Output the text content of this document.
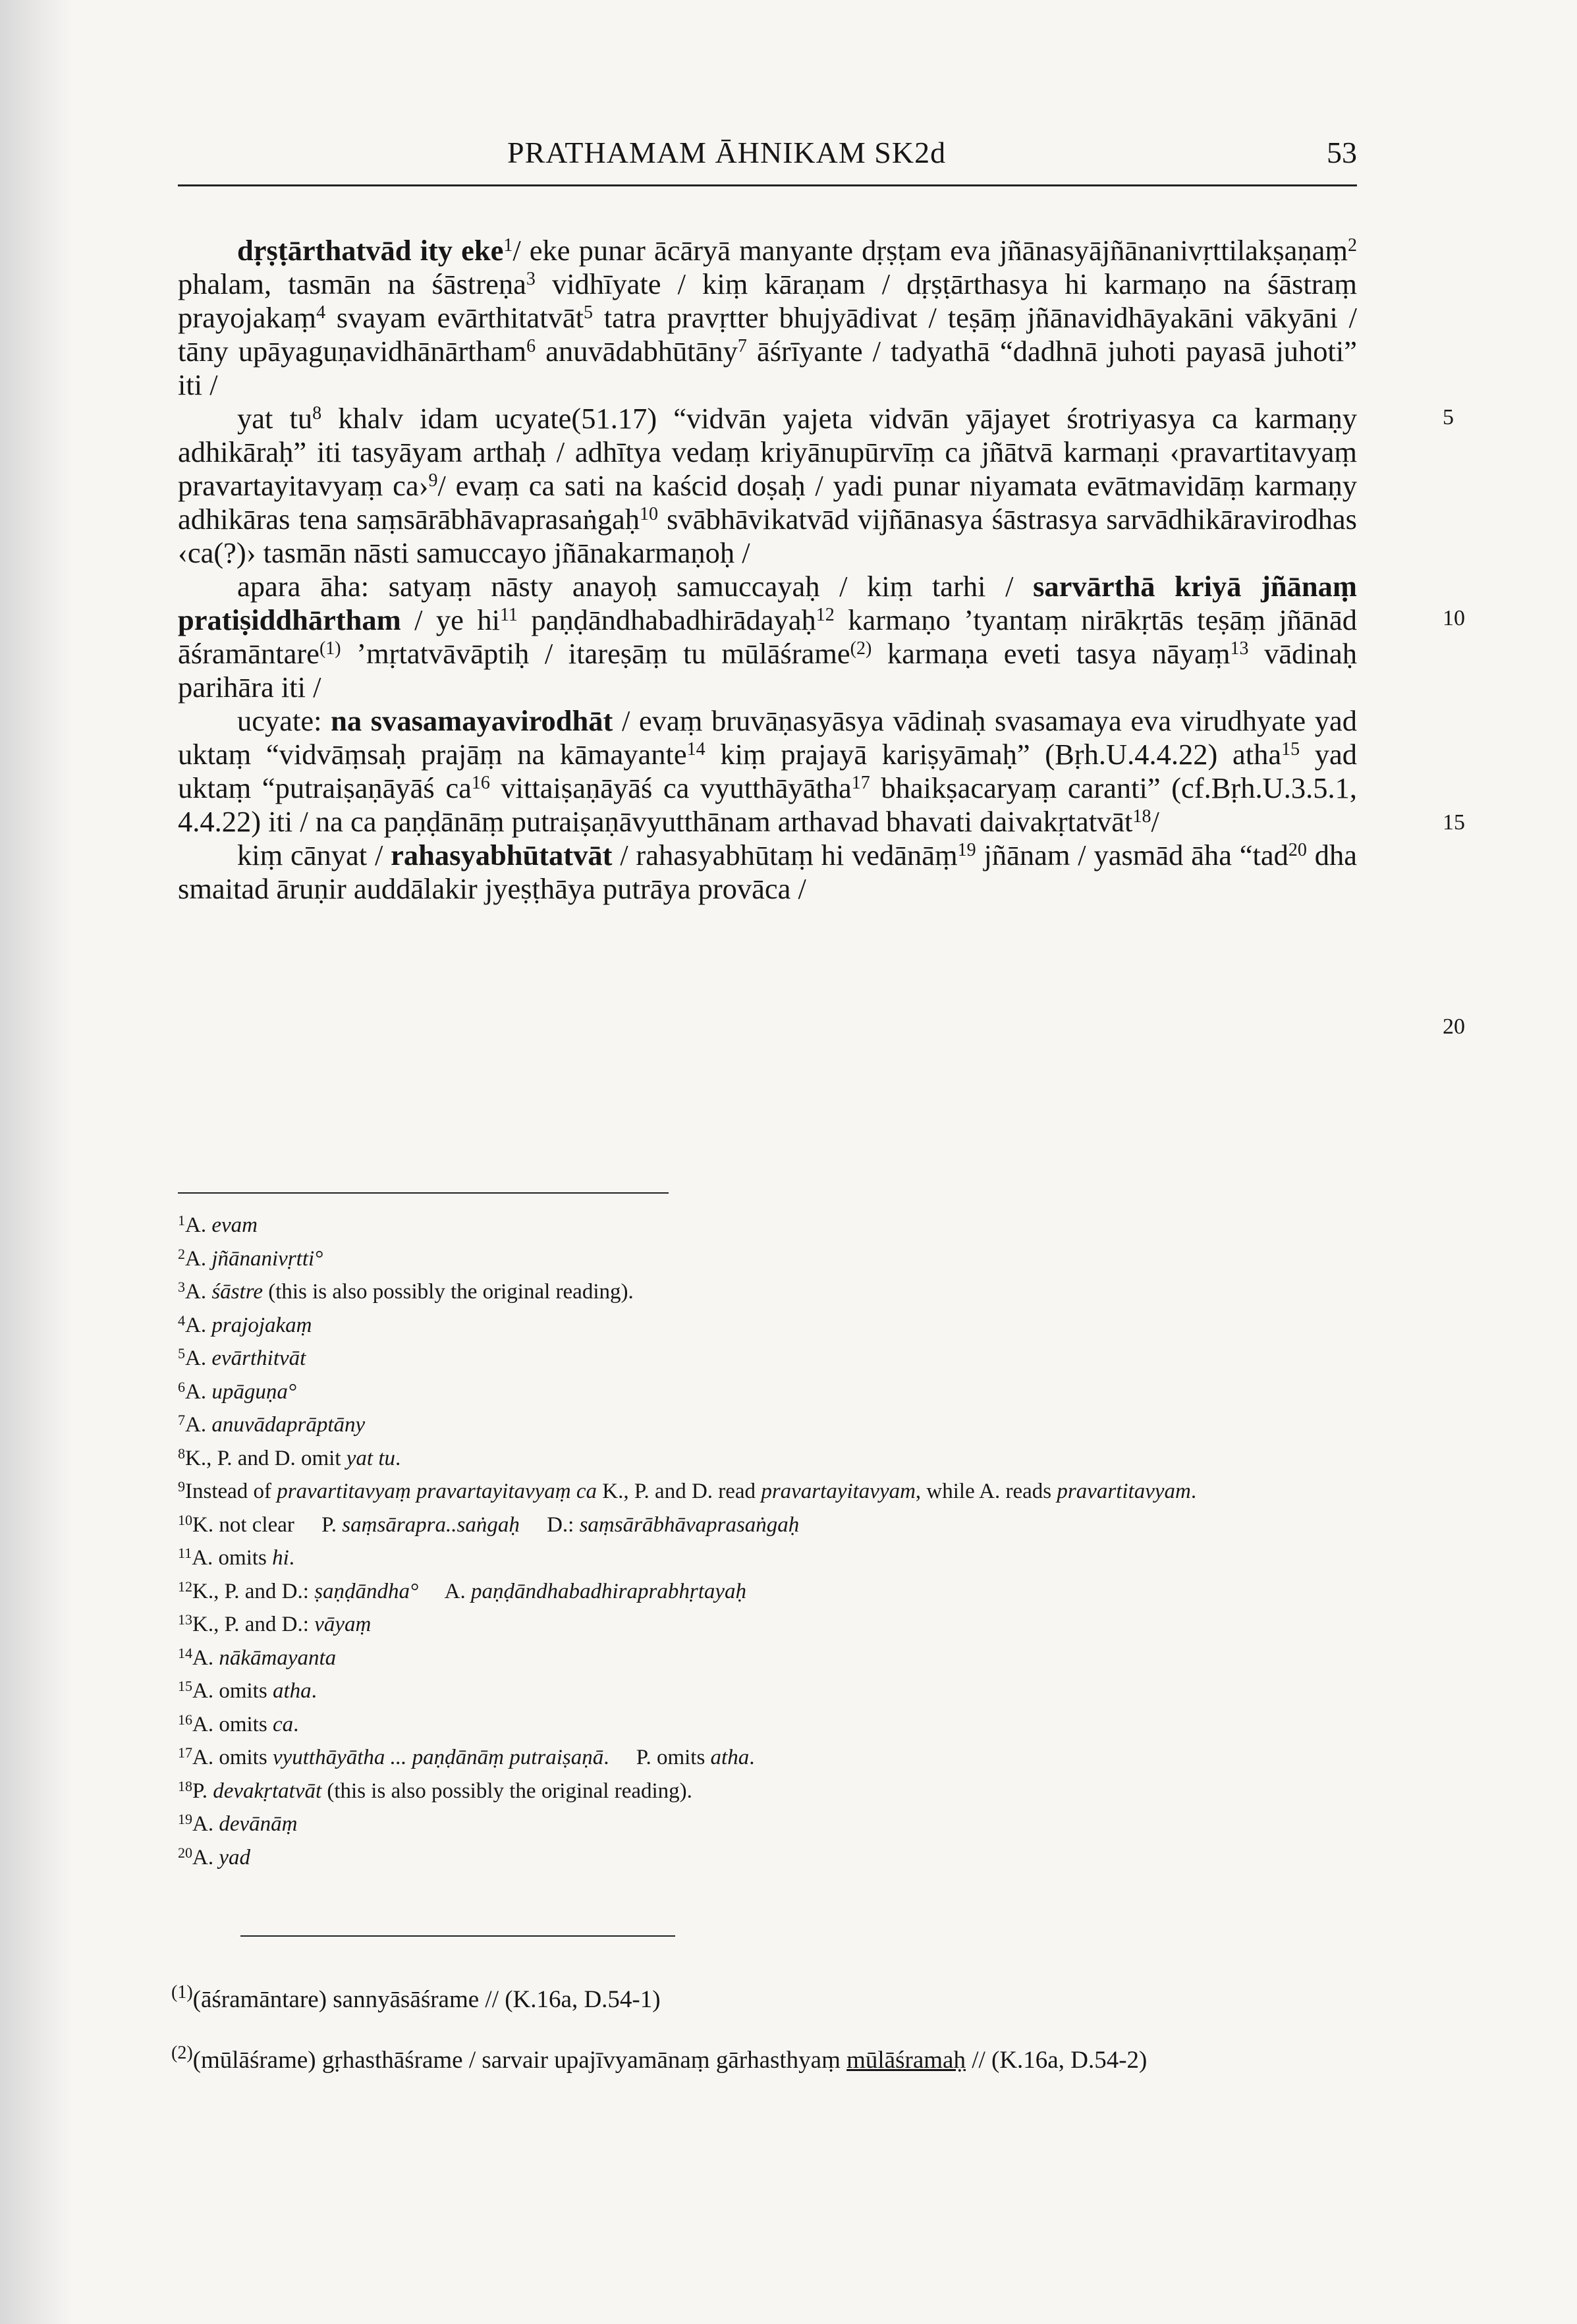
PRATHAMAM ĀHNIKAM SK2d	53

dṛṣṭārthatvād ity eke$^1$/ eke punar ācāryā manyante dṛṣṭam eva jñānasyājñānanivṛttilakṣaṇaṃ$^2$ phalam, tasmān na śāstreṇa$^3$ vidhīyate / kiṃ kāraṇam / dṛṣṭārthasya hi karmaṇo na śāstraṃ prayojakaṃ$^4$ svayam evārthitatvāt$^5$ tatra pravṛtter bhujyādivat / teṣāṃ jñānavidhāyakāni vākyāni / tāny upāyaguṇavidhānārtham$^6$ anuvādabhūtāny$^7$ āśrīyante / tadyathā “dadhnā juhoti payasā juhoti” iti /

yat $tu^8$ khalv idam ucyate(51.17) “vidvān yajeta vidvān yājayet śrotriyasya ca karmaṇy adhikāraḥ” iti tasyāyam arthaḥ / adhītya vedaṃ kriyānupūrvīṃ ca jñātvā karmaṇi ‹pravartitavyaṃ pravartayitavyaṃ ca›$^9$/ evaṃ ca sati na kaścid doṣaḥ / yadi punar niyamata evātmavidāṃ karmaṇy adhikāras tena saṃsārābhāvaprasaṅgaḥ$^{10}$ svābhāvikatvād vijñānasya śāstrasya sarvādhikāravirodhas ‹ca(?)› tasmān nāsti samuccayo jñānakarmaṇoḥ /

apara āha: satyaṃ nāsty anayoḥ samuccayaḥ / kiṃ tarhi / sarvārthā kriyā jñānaṃ pratiṣiddhārtham / ye $hi^{11}$ paṇḍāndhabadhirādayaḥ$^{12}$ karmaṇo ’tyantaṃ nirākṛtās teṣāṃ jñānād āśramāntare$^{(1)}$ ’mṛtatvāvāptiḥ / itareṣāṃ tu mūlāśrame$^{(2)}$ karmaṇa eveti tasya nāyaṃ$^{13}$ vādinaḥ parihāra iti /

ucyate: na svasamayavirodhāt / evaṃ bruvāṇasyāsya vādinaḥ svasamaya eva virudhyate yad uktaṃ “vidvāṃsaḥ prajāṃ na kāmayante$^{14}$ kiṃ prajayā kariṣyāmaḥ” (Bṛh.U.4.4.22) atha$^{15}$ yad uktaṃ “putraiṣaṇāyāś $ca^{16}$ vittaiṣaṇāyāś ca vyutthāyātha$^{17}$ bhaikṣacaryaṃ caranti” (cf.Bṛh.U.3.5.1, 4.4.22) iti / na ca paṇḍānāṃ putraiṣaṇāvyutthānam arthavad bhavati daivakṛtatvāt$^{18}$/

kiṃ cānyat / rahasyabhūtatvāt / rahasyabhūtaṃ hi vedānāṃ$^{19}$ jñānam / yasmād āha “tad$^{20}$ dha smaitad āruṇir auddālakir jyeṣṭhāya putrāya provāca /

5
10
15
20
$^1$A. evam
$^2$A. jñānanivṛtti°
$^3$A. śāstre (this is also possibly the original reading).
$^4$A. prajojakaṃ
$^5$A. evārthitvāt
$^6$A. upāguṇa°
$^7$A. anuvādaprāptāny
$^8$K., P. and D. omit yat tu.
$^9$Instead of pravartitavyaṃ pravartayitavyaṃ ca K., P. and D. read pravartayitavyam, while A. reads pravartitavyam.
$^{10}$K. not clear     P. saṃsārapra..saṅgaḥ     D.: saṃsārābhāvaprasaṅgaḥ
$^{11}$A. omits hi.
$^{12}$K., P. and D.: ṣaṇḍāndha°     A. paṇḍāndhabadhiraprabhṛtayaḥ
$^{13}$K., P. and D.: vāyaṃ
$^{14}$A. nākāmayanta
$^{15}$A. omits atha.
$^{16}$A. omits ca.
$^{17}$A. omits vyutthāyātha ... paṇḍānāṃ putraiṣaṇā.     P. omits atha.
$^{18}$P. devakṛtatvāt (this is also possibly the original reading).
$^{19}$A. devānāṃ
$^{20}$A. yad
$^{(1)}$(āśramāntare) sannyāsāśrame // (K.16a, D.54-1)
$^{(2)}$(mūlāśrame) gṛhasthāśrame / sarvair upajīvyamānaṃ gārhasthyaṃ mūlāśramaḥ // (K.16a, D.54-2)
